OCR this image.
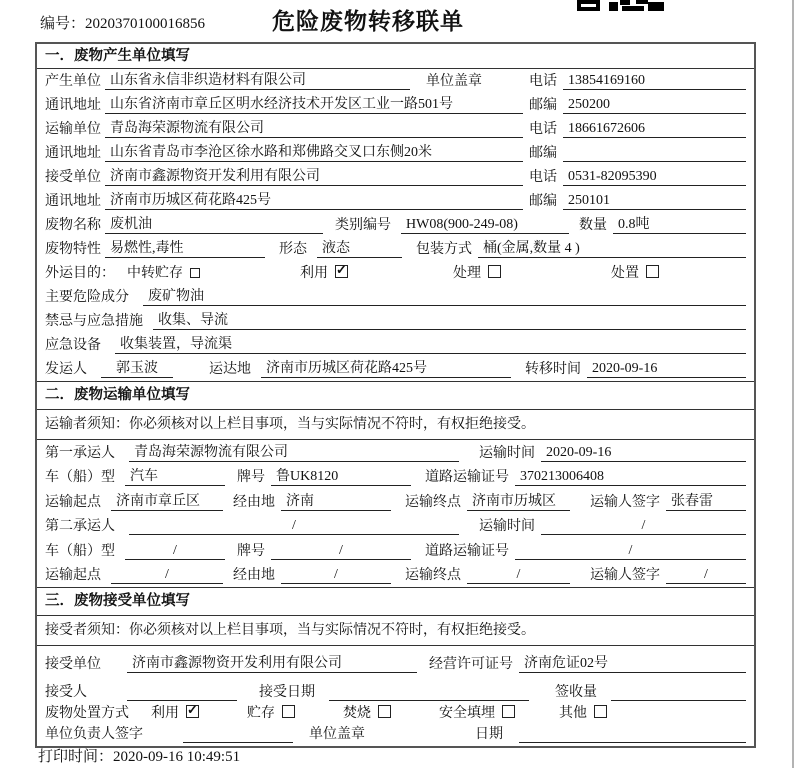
编号：2020370100016856	危险废物转移联单
一．废物产生单位填写
产生单位 山东省永信非织造材料有限公司	单位盖章	电话 13854169160
通讯地址 山东省济南市章丘区明水经济技术开发区工业一路501号	邮编 250200
运输单位 青岛海荣源物流有限公司	电话 18661672606
通讯地址 山东省青岛市李沧区徐水路和郑佛路交叉口东侧20米	邮编
接受单位 济南市鑫源物资开发利用有限公司	电话 0531-82095390
通讯地址 济南市历城区荷花路425号	邮编 250101
废物名称 废机油	类别编号	HW08(900-249-08)	数量 0.8吨
废物特性 易燃性,毒性	形态	液态	包装方式 桶(金属,数量 4 )
外运目的： 中转贮存	利用 ✓	处理	处置
主要危险成分	废矿物油
禁忌与应急措施	收集、导流
应急设备	收集装置，导流渠
发运人	郭玉波	运达地	济南市历城区荷花路425号	转移时间 2020-09-16
二．废物运输单位填写
运输者须知：你必须核对以上栏目事项，当与实际情况不符时，有权拒绝接受。
第一承运人	青岛海荣源物流有限公司	运输时间 2020-09-16
车（船）型	汽车	牌号 鲁UK8120	道路运输证号 370213006408
运输起点	济南市章丘区	经由地 济南	运输终点 济南市历城区	运输人签字 张春雷
第二承运人	/	运输时间	/
车（船）型	/	牌号	/	道路运输证号	/
运输起点	/	经由地	/	运输终点	/	运输人签字	/
三．废物接受单位填写
接受者须知：你必须核对以上栏目事项，当与实际情况不符时，有权拒绝接受。
接受单位	济南市鑫源物资开发利用有限公司	经营许可证号 济南危证02号
接受人	接受日期	签收量
废物处置方式 利用 ✓	贮存	焚烧	安全填埋	其他
单位负责人签字	单位盖章	日期
打印时间：2020-09-16 10:49:51
